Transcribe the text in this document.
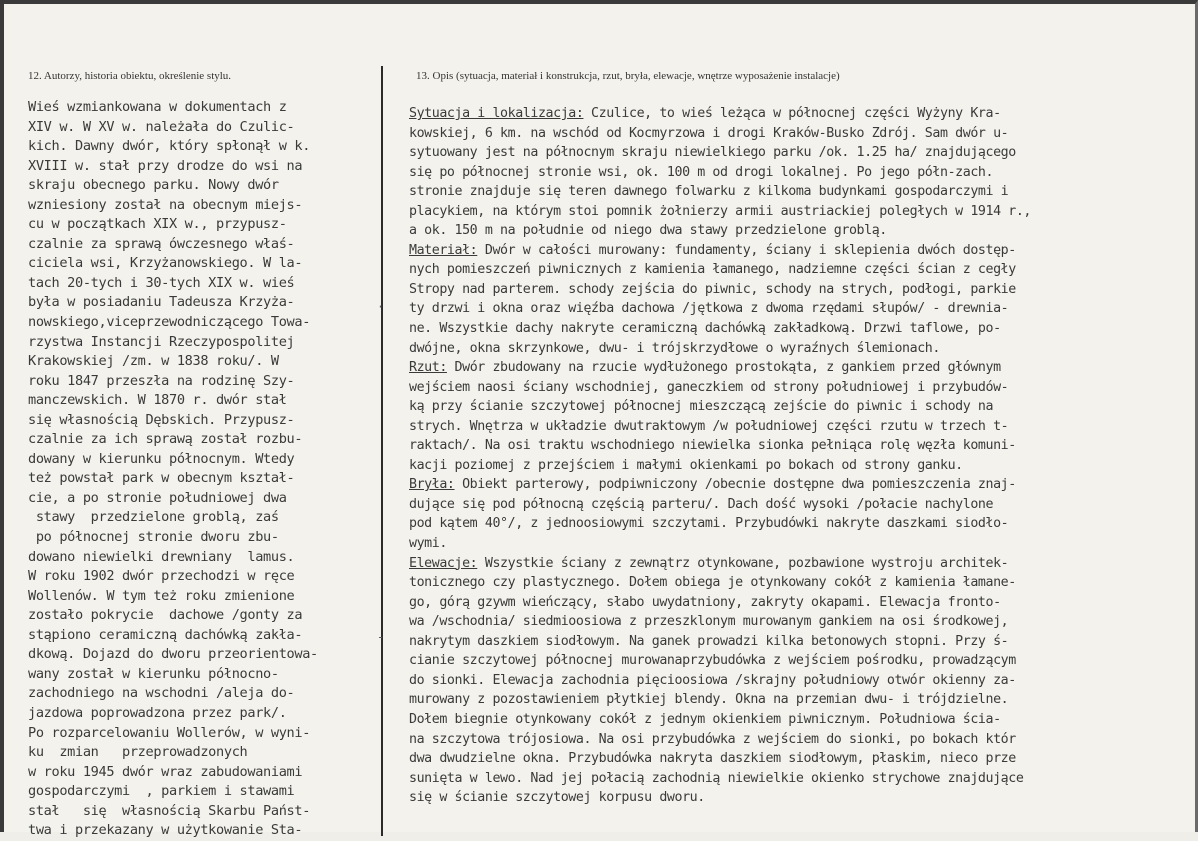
12. Autorzy, historia obiektu, określenie stylu.	13. Opis (sytuacja, materiał i konstrukcja, rzut, bryła, elewacje, wnętrze wyposażenie instalacje)
·
-
Wieś wzmiankowana w dokumentach z
XIV w. W XV w. należała do Czulic-
kich. Dawny dwór, który spłonął w k.
XVIII w. stał przy drodze do wsi na
skraju obecnego parku. Nowy dwór
wzniesiony został na obecnym miejs-
cu w początkach XIX w., przypusz-
czalnie za sprawą ówczesnego właś-
ciciela wsi, Krzyżanowskiego. W la-
tach 20-tych i 30-tych XIX w. wieś
była w posiadaniu Tadeusza Krzyża-
nowskiego,viceprzewodniczącego Towa-
rzystwa Instancji Rzeczypospolitej
Krakowskiej /zm. w 1838 roku/. W
roku 1847 przeszła na rodzinę Szy-
manczewskich. W 1870 r. dwór stał
się własnością Dębskich. Przypusz-
czalnie za ich sprawą został rozbu-
dowany w kierunku północnym. Wtedy
też powstał park w obecnym kształ-
cie, a po stronie południowej dwa
stawy  przedzielone groblą, zaś
po północnej stronie dworu zbu-
dowano niewielki drewniany  lamus.
W roku 1902 dwór przechodzi w ręce
Wollenów. W tym też roku zmienione
zostało pokrycie  dachowe /gonty za
stąpiono ceramiczną dachówką zakła-
dkową. Dojazd do dworu przeorientowa-
wany został w kierunku północno-
zachodniego na wschodni /aleja do-
jazdowa poprowadzona przez park/.
Po rozparcelowaniu Wollerów, w wyni-
ku  zmian   przeprowadzonych
w roku 1945 dwór wraz zabudowaniami
gospodarczymi  , parkiem i stawami
stał   się  własnością Skarbu Państ-
twa i przekazany w użytkowanie Sta-
Sytuacja i lokalizacja: Czulice, to wieś leżąca w północnej części Wyżyny Kra-
kowskiej, 6 km. na wschód od Kocmyrzowa i drogi Kraków-Busko Zdrój. Sam dwór u-
sytuowany jest na północnym skraju niewielkiego parku /ok. 1.25 ha/ znajdującego
się po północnej stronie wsi, ok. 100 m od drogi lokalnej. Po jego półn-zach.
stronie znajduje się teren dawnego folwarku z kilkoma budynkami gospodarczymi i
placykiem, na którym stoi pomnik żołnierzy armii austriackiej poległych w 1914 r.,
a ok. 150 m na południe od niego dwa stawy przedzielone groblą.
Materiał: Dwór w całości murowany: fundamenty, ściany i sklepienia dwóch dostęp-
nych pomieszczeń piwnicznych z kamienia łamanego, nadziemne części ścian z cegły
Stropy nad parterem. schody zejścia do piwnic, schody na strych, podłogi, parkie
ty drzwi i okna oraz więźba dachowa /jętkowa z dwoma rzędami słupów/ - drewnia-
ne. Wszystkie dachy nakryte ceramiczną dachówką zakładkową. Drzwi taflowe, po-
dwójne, okna skrzynkowe, dwu- i trójskrzydłowe o wyraźnych ślemionach.
Rzut: Dwór zbudowany na rzucie wydłużonego prostokąta, z gankiem przed głównym
wejściem naosi ściany wschodniej, ganeczkiem od strony południowej i przybudów-
ką przy ścianie szczytowej północnej mieszczącą zejście do piwnic i schody na
strych. Wnętrza w układzie dwutraktowym /w południowej części rzutu w trzech t-
raktach/. Na osi traktu wschodniego niewielka sionka pełniąca rolę węzła komuni-
kacji poziomej z przejściem i małymi okienkami po bokach od strony ganku.
Bryła: Obiekt parterowy, podpiwniczony /obecnie dostępne dwa pomieszczenia znaj-
dujące się pod północną częścią parteru/. Dach dość wysoki /połacie nachylone
pod kątem 40°/, z jednoosiowymi szczytami. Przybudówki nakryte daszkami siodło-
wymi.
Elewacje: Wszystkie ściany z zewnątrz otynkowane, pozbawione wystroju architek-
tonicznego czy plastycznego. Dołem obiega je otynkowany cokół z kamienia łamane-
go, górą gzywm wieńczący, słabo uwydatniony, zakryty okapami. Elewacja fronto-
wa /wschodnia/ siedmioosiowa z przeszklonym murowanym gankiem na osi środkowej,
nakrytym daszkiem siodłowym. Na ganek prowadzi kilka betonowych stopni. Przy ś-
cianie szczytowej północnej murowanaprzybudówka z wejściem pośrodku, prowadzącym
do sionki. Elewacja zachodnia pięcioosiowa /skrajny południowy otwór okienny za-
murowany z pozostawieniem płytkiej blendy. Okna na przemian dwu- i trójdzielne.
Dołem biegnie otynkowany cokół z jednym okienkiem piwnicznym. Południowa ścia-
na szczytowa trójosiowa. Na osi przybudówka z wejściem do sionki, po bokach któr
dwa dwudzielne okna. Przybudówka nakryta daszkiem siodłowym, płaskim, nieco prze
sunięta w lewo. Nad jej połacią zachodnią niewielkie okienko strychowe znajdujące
się w ścianie szczytowej korpusu dworu.
